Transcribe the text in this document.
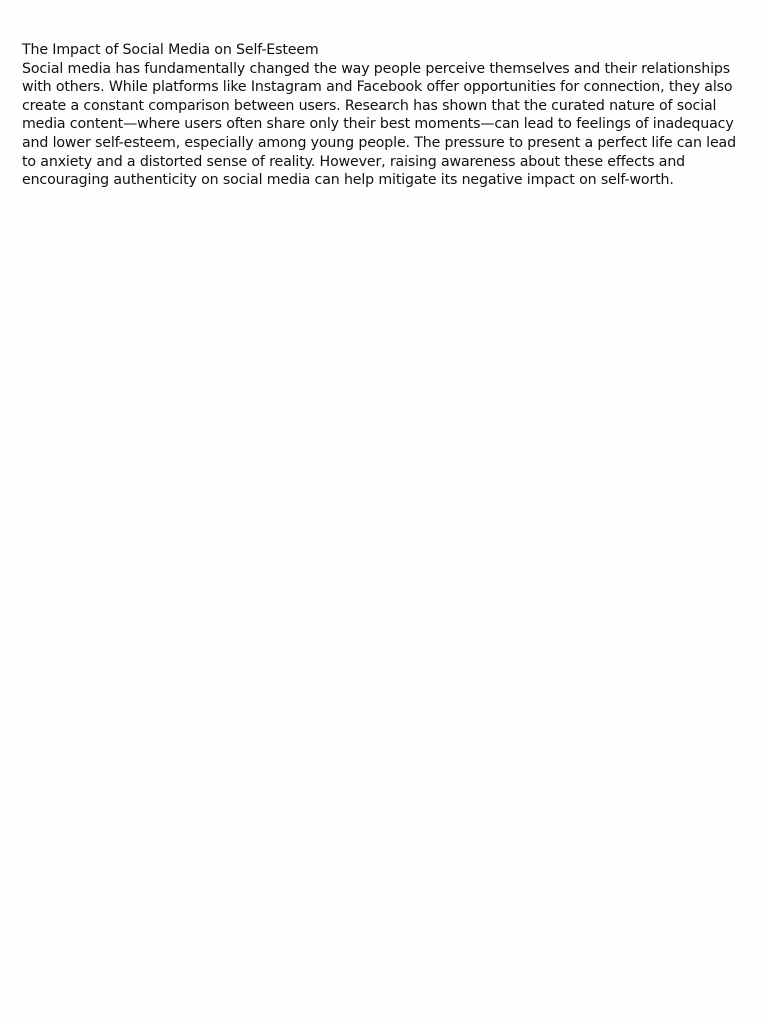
The Impact of Social Media on Self-Esteem

Social media has fundamentally changed the way people perceive themselves and their relationships with others. While platforms like Instagram and Facebook offer opportunities for connection, they also create a constant comparison between users. Research has shown that the curated nature of social media content—where users often share only their best moments—can lead to feelings of inadequacy and lower self-esteem, especially among young people. The pressure to present a perfect life can lead to anxiety and a distorted sense of reality. However, raising awareness about these effects and encouraging authenticity on social media can help mitigate its negative impact on self-worth.
